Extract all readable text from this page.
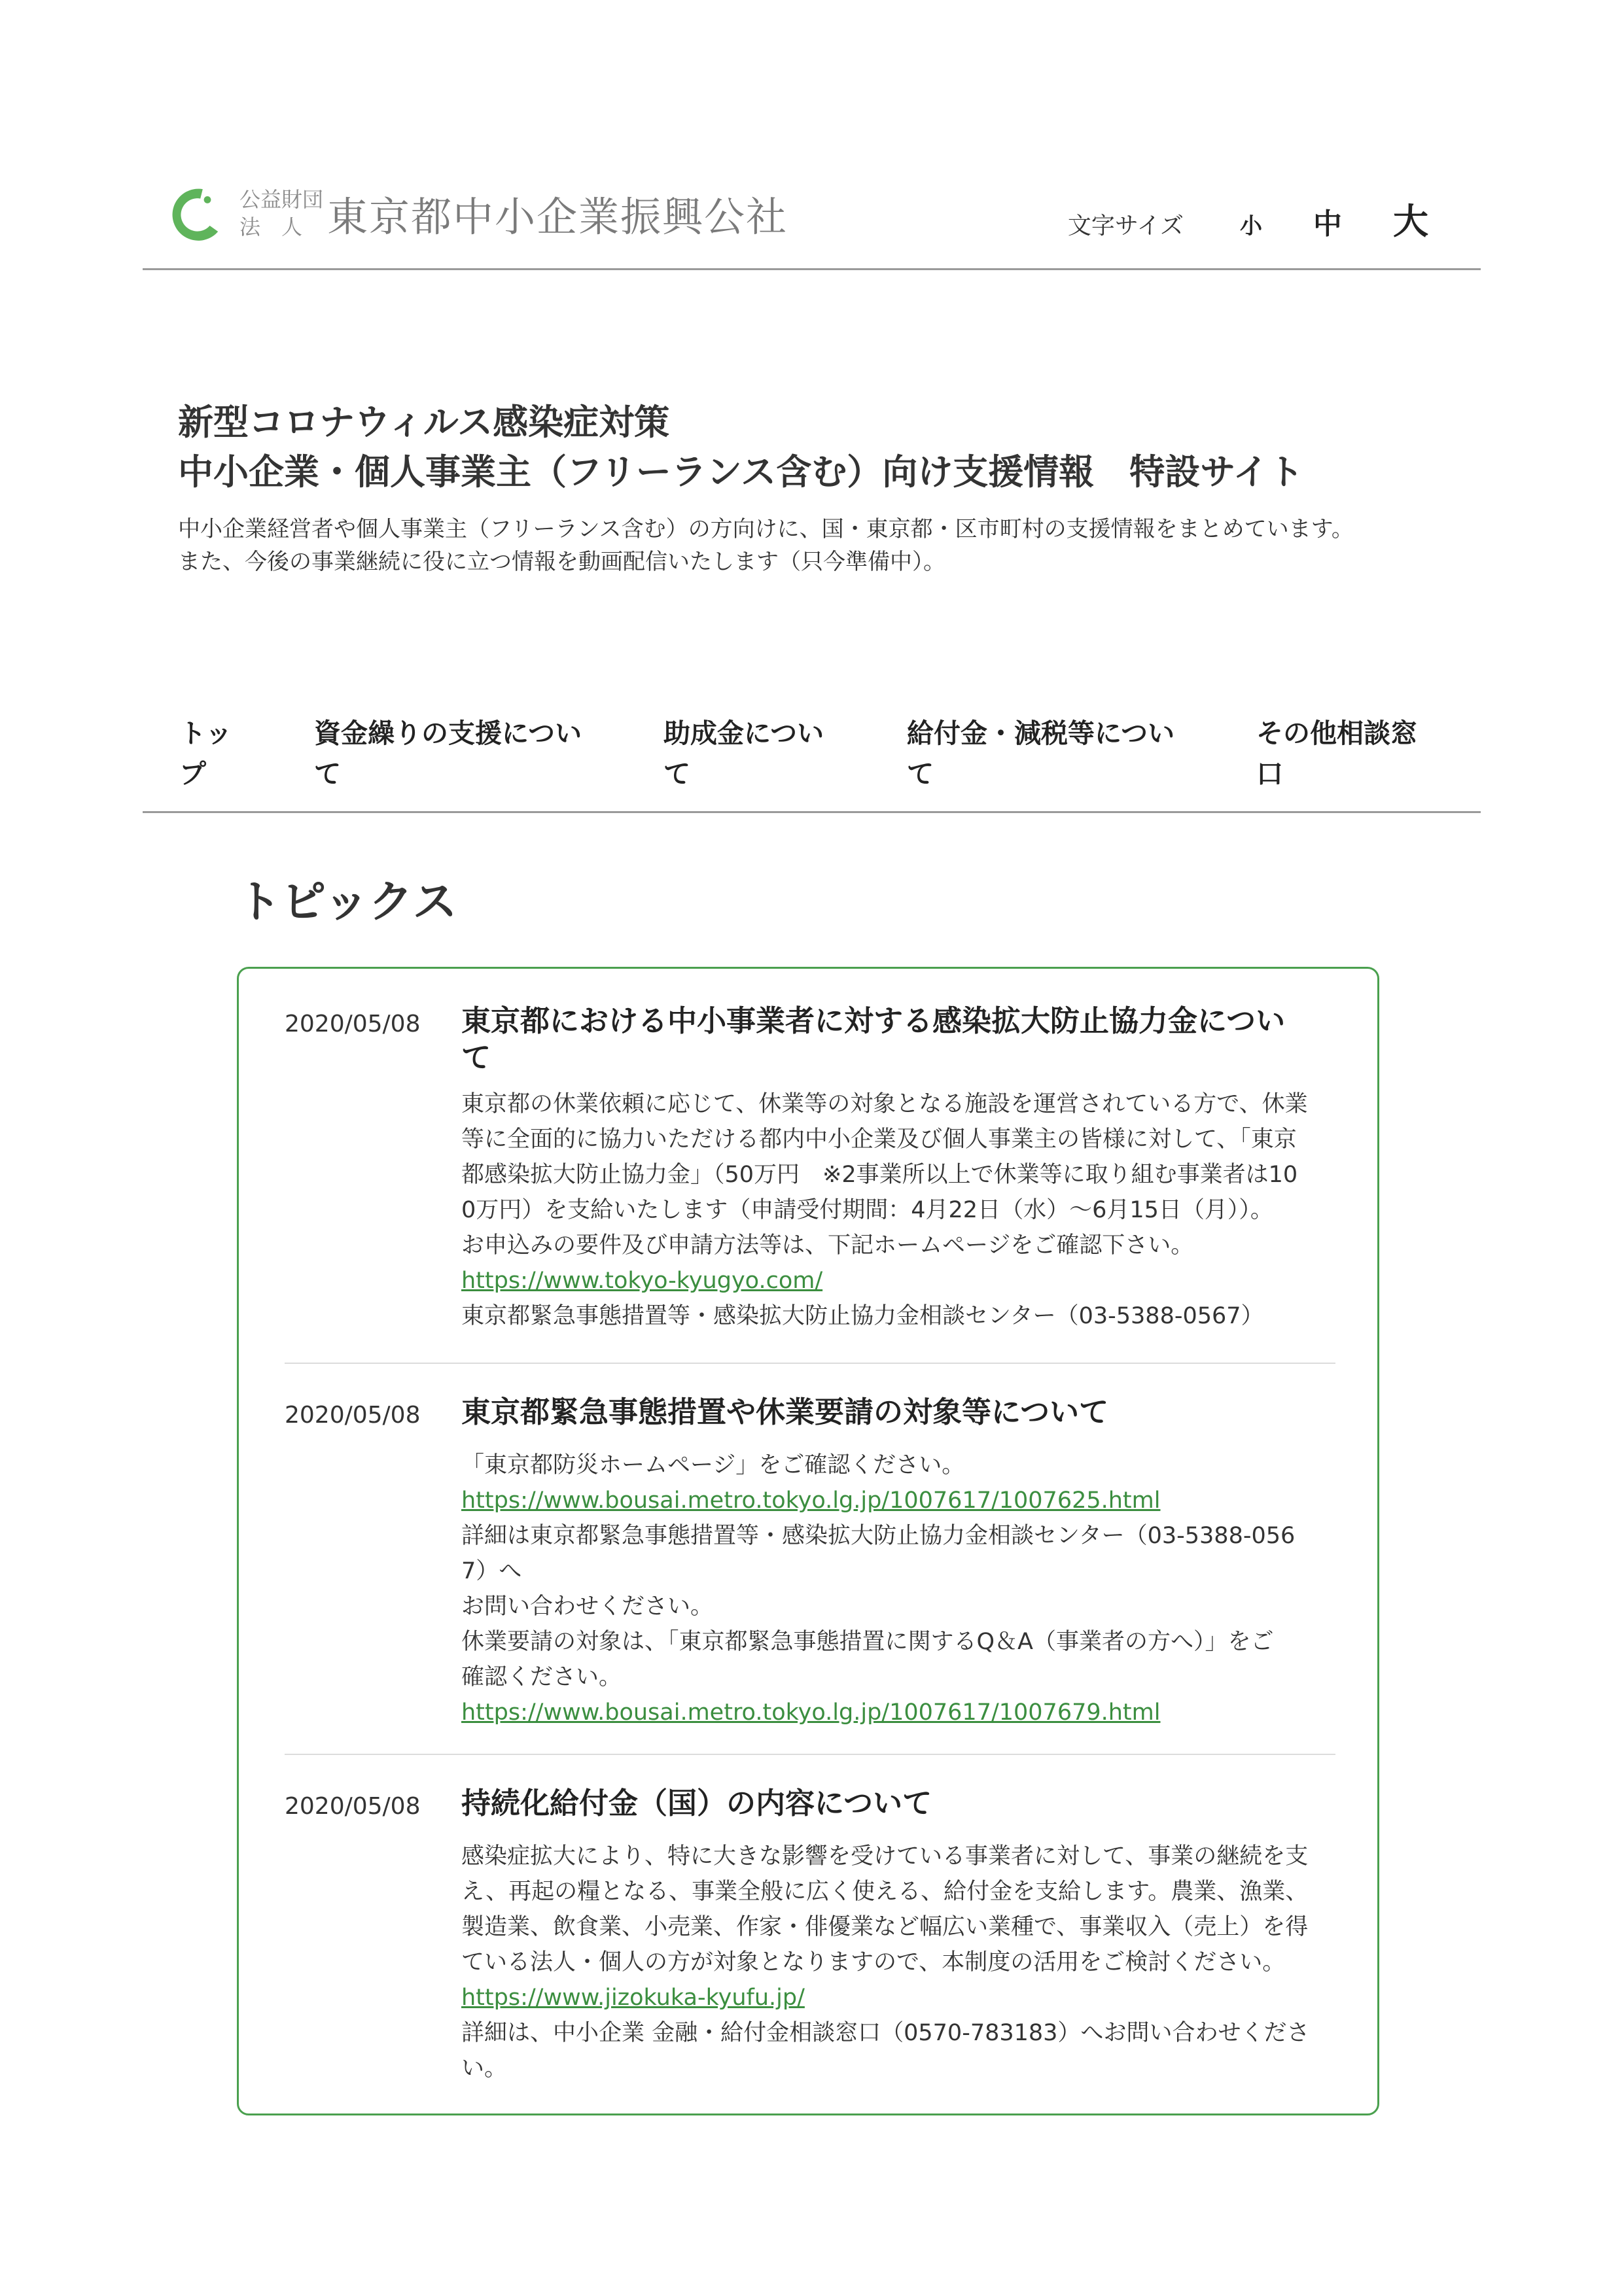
公益財団
法　人 東京都中小企業振興公社	文字サイズ	小 中 大
新型コロナウィルス感染症対策
中小企業・個人事業主（フリーランス含む）向け支援情報　特設サイト

中小企業経営者や個人事業主（フリーランス含む）の方向けに、国・東京都・区市町村の支援情報をまとめています。
また、今後の事業継続に役に立つ情報を動画配信いたします（只今準備中）。

トッ
プ
資金繰りの支援につい
て
助成金につい
て
給付金・減税等につい
て
その他相談窓
口
トピックス
2020/05/08 東京都における中小事業者に対する感染拡大防止協力金につい
て
東京都の休業依頼に応じて、休業等の対象となる施設を運営されている方で、休業
等に全面的に協力いただける都内中小企業及び個人事業主の皆様に対して、「東京
都感染拡大防止協力金」（50万円　※2事業所以上で休業等に取り組む事業者は10
0万円）を支給いたします（申請受付期間：4月22日（水）～6月15日（月））。
お申込みの要件及び申請方法等は、下記ホームページをご確認下さい。
https://www.tokyo-kyugyo.com/
東京都緊急事態措置等・感染拡大防止協力金相談センター（03-5388-0567）
2020/05/08 東京都緊急事態措置や休業要請の対象等について
「東京都防災ホームページ」をご確認ください。
https://www.bousai.metro.tokyo.lg.jp/1007617/1007625.html
詳細は東京都緊急事態措置等・感染拡大防止協力金相談センター（03-5388-056
7）へ
お問い合わせください。
休業要請の対象は、「東京都緊急事態措置に関するQ＆A（事業者の方へ）」をご
確認ください。
https://www.bousai.metro.tokyo.lg.jp/1007617/1007679.html
2020/05/08 持続化給付金（国）の内容について
感染症拡大により、特に大きな影響を受けている事業者に対して、事業の継続を支
え、再起の糧となる、事業全般に広く使える、給付金を支給します。農業、漁業、
製造業、飲食業、小売業、作家・俳優業など幅広い業種で、事業収入（売上）を得
ている法人・個人の方が対象となりますので、本制度の活用をご検討ください。
https://www.jizokuka-kyufu.jp/
詳細は、中小企業 金融・給付金相談窓口（0570-783183）へお問い合わせくださ
い。
